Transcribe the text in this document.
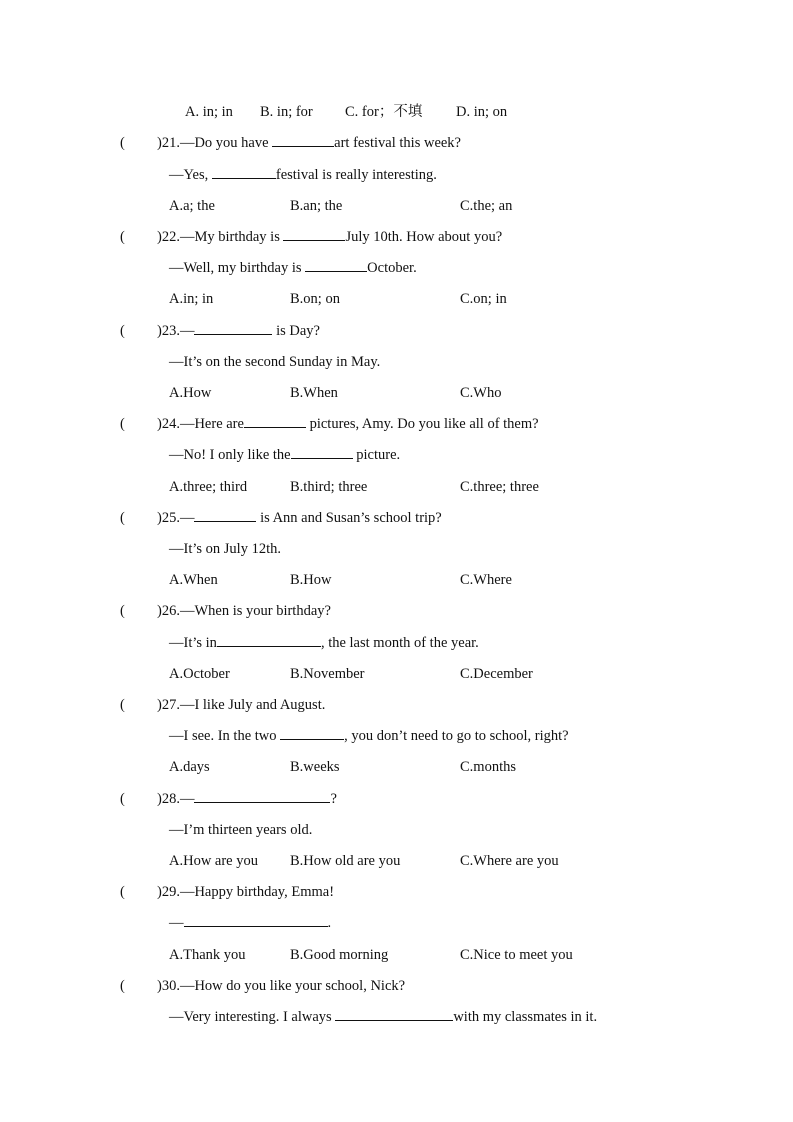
A. in; in B. in; for C. for；不填 D. in; on
( )21.—Do you have	art festival this week?
—Yes,	festival is really interesting.
A.a; the	B.an; the	C.the; an
( )22.—My birthday is	July 10th. How about you?
—Well, my birthday is	October.
A.in; in	B.on; on	C.on; in
( )23.—	is Day?
—It’s on the second Sunday in May.
A.How	B.When	C.Who
( )24.—Here are	pictures, Amy. Do you like all of them?
—No! I only like the	picture.
A.three; third	B.third; three	C.three; three
( )25.—	is Ann and Susan’s school trip?
—It’s on July 12th.
A.When	B.How	C.Where
( )26.—When is your birthday?
—It’s in	, the last month of the year.
A.October	B.November	C.December
( )27.—I like July and August.
—I see. In the two	, you don’t need to go to school, right?
A.days	B.weeks	C.months
( )28.—	?
—I’m thirteen years old.
A.How are you B.How old are you	C.Where are you
( )29.—Happy birthday, Emma!
—	.
A.Thank you	B.Good morning	C.Nice to meet you
( )30.—How do you like your school, Nick?
—Very interesting. I always	with my classmates in it.
